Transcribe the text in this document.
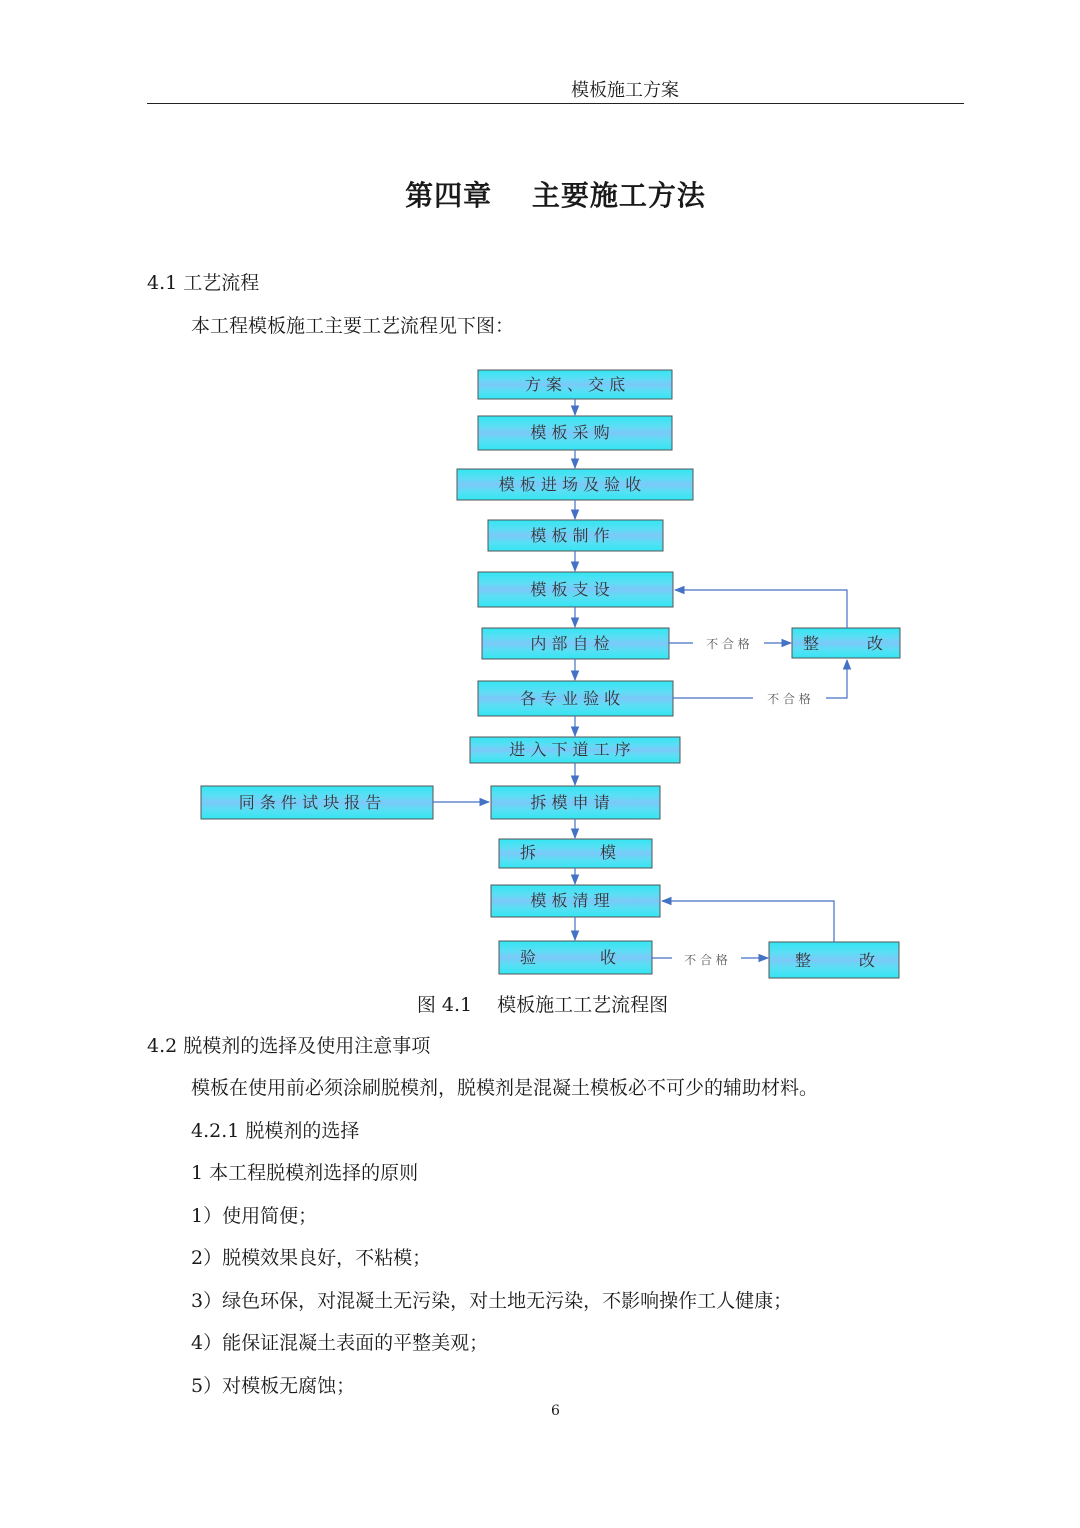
模板施工方案
第四章　 主要施工方法
4.1 工艺流程
本工程模板施工主要工艺流程见下图：
方 案 、 交 底
模 板 采 购
模 板 进 场 及 验 收
模 板 制 作
模 板 支 设
内 部 自 检
各 专 业 验 收
进 入 下 道 工 序
拆 模 申 请
拆　　　　模
模 板 清 理
验　　　　收
同 条 件 试 块 报 告
整　　　改
整　　　改
不 合 格
不 合 格
不 合 格
图 4.1　 模板施工工艺流程图
4.2 脱模剂的选择及使用注意事项
模板在使用前必须涂刷脱模剂，脱模剂是混凝土模板必不可少的辅助材料。
4.2.1 脱模剂的选择
1 本工程脱模剂选择的原则
1）使用简便；
2）脱模效果良好，不粘模；
3）绿色环保，对混凝土无污染，对土地无污染，不影响操作工人健康；
4）能保证混凝土表面的平整美观；
5）对模板无腐蚀；
6
